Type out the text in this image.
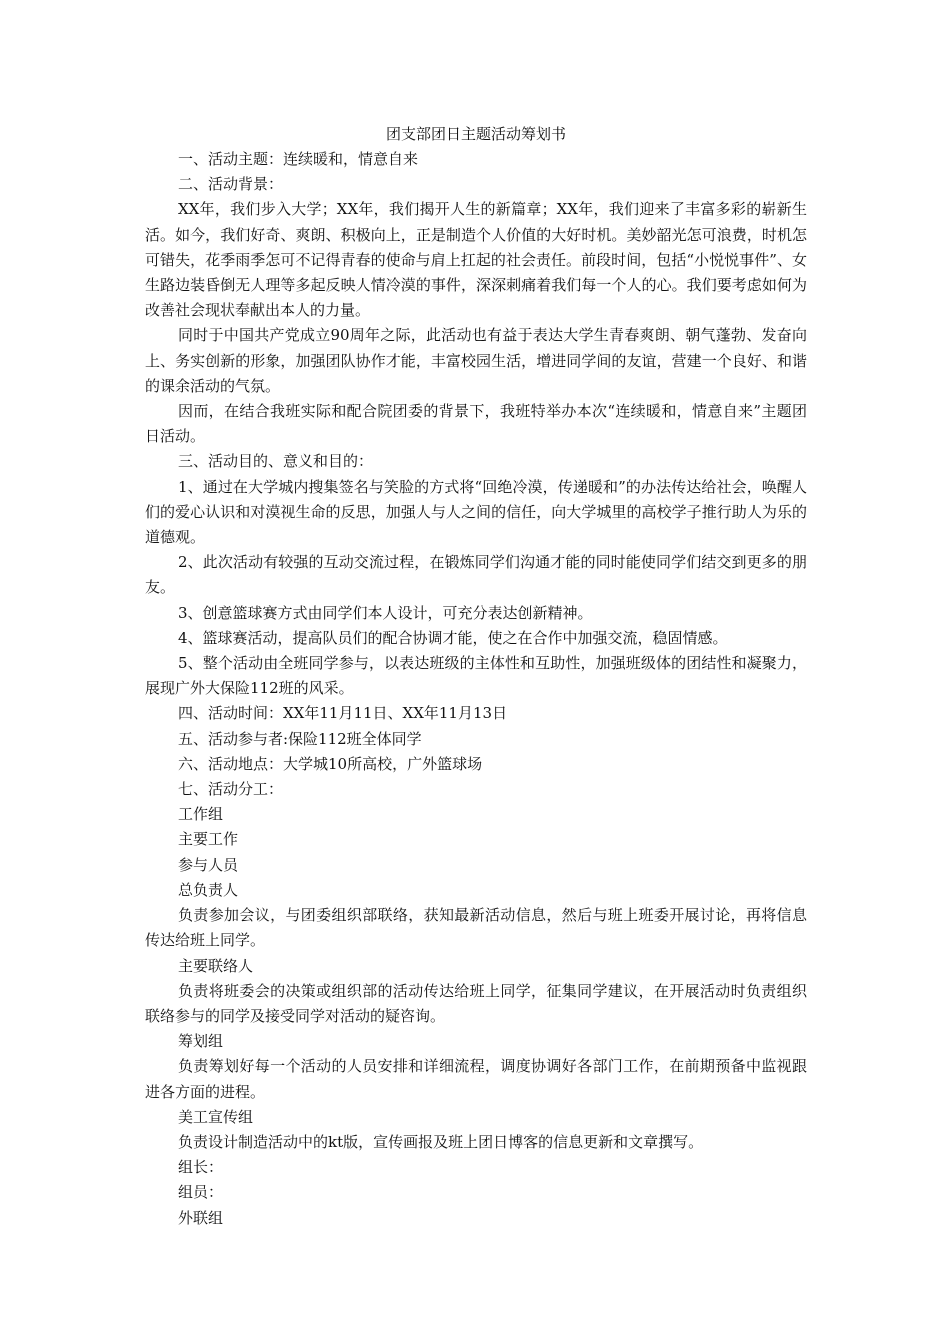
团支部团日主题活动筹划书

一、活动主题：连续暖和，情意自来

二、活动背景：

XX年，我们步入大学；XX年，我们揭开人生的新篇章；XX年，我们迎来了丰富多彩的崭新生活。如今，我们好奇、爽朗、积极向上，正是制造个人价值的大好时机。美妙韶光怎可浪费，时机怎可错失，花季雨季怎可不记得青春的使命与肩上扛起的社会责任。前段时间，包括“小悦悦事件”、女生路边装昏倒无人理等多起反映人情冷漠的事件，深深刺痛着我们每一个人的心。我们要考虑如何为改善社会现状奉献出本人的力量。

同时于中国共产党成立90周年之际，此活动也有益于表达大学生青春爽朗、朝气蓬勃、发奋向上、务实创新的形象，加强团队协作才能，丰富校园生活，增进同学间的友谊，营建一个良好、和谐的课余活动的气氛。

因而，在结合我班实际和配合院团委的背景下，我班特举办本次“连续暖和，情意自来”主题团日活动。

三、活动目的、意义和目的：

1、通过在大学城内搜集签名与笑脸的方式将“回绝冷漠，传递暖和”的办法传达给社会，唤醒人们的爱心认识和对漠视生命的反思，加强人与人之间的信任，向大学城里的高校学子推行助人为乐的道德观。

2、此次活动有较强的互动交流过程，在锻炼同学们沟通才能的同时能使同学们结交到更多的朋友。

3、创意篮球赛方式由同学们本人设计，可充分表达创新精神。

4、篮球赛活动，提高队员们的配合协调才能，使之在合作中加强交流，稳固情感。

5、整个活动由全班同学参与，以表达班级的主体性和互助性，加强班级体的团结性和凝聚力，展现广外大保险112班的风采。

四、活动时间：XX年11月11日、XX年11月13日

五、活动参与者:保险112班全体同学

六、活动地点：大学城10所高校，广外篮球场

七、活动分工：

工作组

主要工作

参与人员

总负责人

负责参加会议，与团委组织部联络，获知最新活动信息，然后与班上班委开展讨论，再将信息传达给班上同学。

主要联络人

负责将班委会的决策或组织部的活动传达给班上同学，征集同学建议，在开展活动时负责组织联络参与的同学及接受同学对活动的疑咨询。

筹划组

负责筹划好每一个活动的人员安排和详细流程，调度协调好各部门工作，在前期预备中监视跟进各方面的进程。

美工宣传组

负责设计制造活动中的kt版，宣传画报及班上团日博客的信息更新和文章撰写。

组长：

组员：

外联组
